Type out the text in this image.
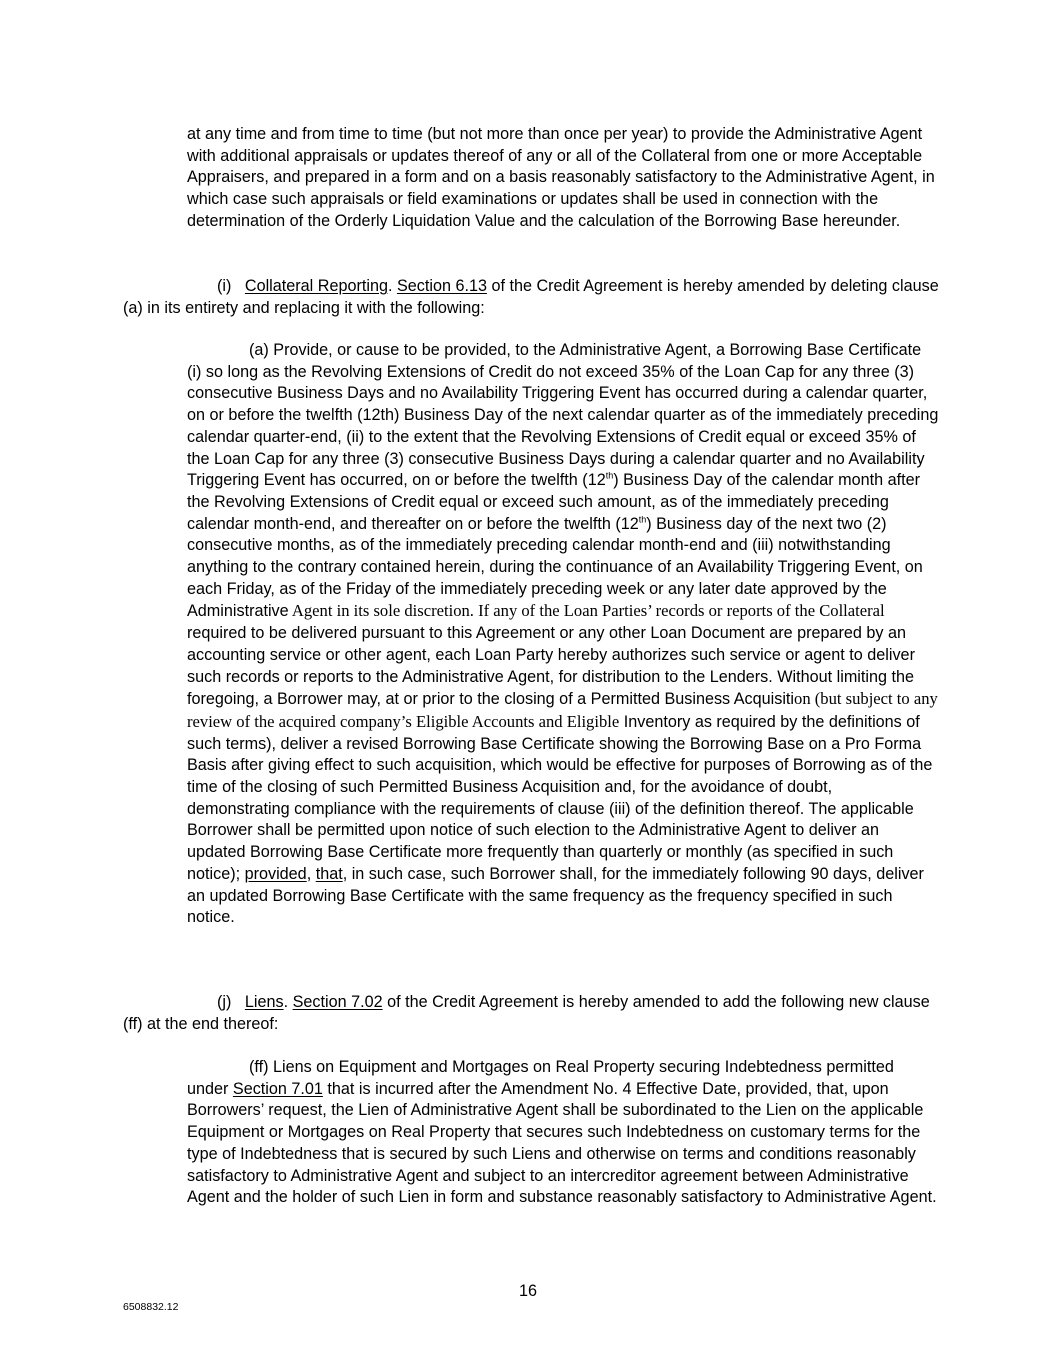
at any time and from time to time (but not more than once per year) to provide the Administrative Agent with additional appraisals or updates thereof of any or all of the Collateral from one or more Acceptable Appraisers, and prepared in a form and on a basis reasonably satisfactory to the Administrative Agent, in which case such appraisals or field examinations or updates shall be used in connection with the determination of the Orderly Liquidation Value and the calculation of the Borrowing Base hereunder.

(i) Collateral Reporting. Section 6.13 of the Credit Agreement is hereby amended by deleting clause (a) in its entirety and replacing it with the following:

(a) Provide, or cause to be provided, to the Administrative Agent, a Borrowing Base Certificate (i) so long as the Revolving Extensions of Credit do not exceed 35% of the Loan Cap for any three (3) consecutive Business Days and no Availability Triggering Event has occurred during a calendar quarter, on or before the twelfth (12th) Business Day of the next calendar quarter as of the immediately preceding calendar quarter-end, (ii) to the extent that the Revolving Extensions of Credit equal or exceed 35% of the Loan Cap for any three (3) consecutive Business Days during a calendar quarter and no Availability Triggering Event has occurred, on or before the twelfth (12th) Business Day of the calendar month after the Revolving Extensions of Credit equal or exceed such amount, as of the immediately preceding calendar month-end, and thereafter on or before the twelfth (12th) Business day of the next two (2) consecutive months, as of the immediately preceding calendar month-end and (iii) notwithstanding anything to the contrary contained herein, during the continuance of an Availability Triggering Event, on each Friday, as of the Friday of the immediately preceding week or any later date approved by the Administrative Agent in its sole discretion. If any of the Loan Parties’ records or reports of the Collateral required to be delivered pursuant to this Agreement or any other Loan Document are prepared by an accounting service or other agent, each Loan Party hereby authorizes such service or agent to deliver such records or reports to the Administrative Agent, for distribution to the Lenders. Without limiting the foregoing, a Borrower may, at or prior to the closing of a Permitted Business Acquisition (but subject to any review of the acquired company’s Eligible Accounts and Eligible Inventory as required by the definitions of such terms), deliver a revised Borrowing Base Certificate showing the Borrowing Base on a Pro Forma Basis after giving effect to such acquisition, which would be effective for purposes of Borrowing as of the time of the closing of such Permitted Business Acquisition and, for the avoidance of doubt, demonstrating compliance with the requirements of clause (iii) of the definition thereof. The applicable Borrower shall be permitted upon notice of such election to the Administrative Agent to deliver an updated Borrowing Base Certificate more frequently than quarterly or monthly (as specified in such notice); provided, that, in such case, such Borrower shall, for the immediately following 90 days, deliver an updated Borrowing Base Certificate with the same frequency as the frequency specified in such notice.

(j) Liens. Section 7.02 of the Credit Agreement is hereby amended to add the following new clause (ff) at the end thereof:

(ff) Liens on Equipment and Mortgages on Real Property securing Indebtedness permitted under Section 7.01 that is incurred after the Amendment No. 4 Effective Date, provided, that, upon Borrowers’ request, the Lien of Administrative Agent shall be subordinated to the Lien on the applicable Equipment or Mortgages on Real Property that secures such Indebtedness on customary terms for the type of Indebtedness that is secured by such Liens and otherwise on terms and conditions reasonably satisfactory to Administrative Agent and subject to an intercreditor agreement between Administrative Agent and the holder of such Lien in form and substance reasonably satisfactory to Administrative Agent.

16
6508832.12
